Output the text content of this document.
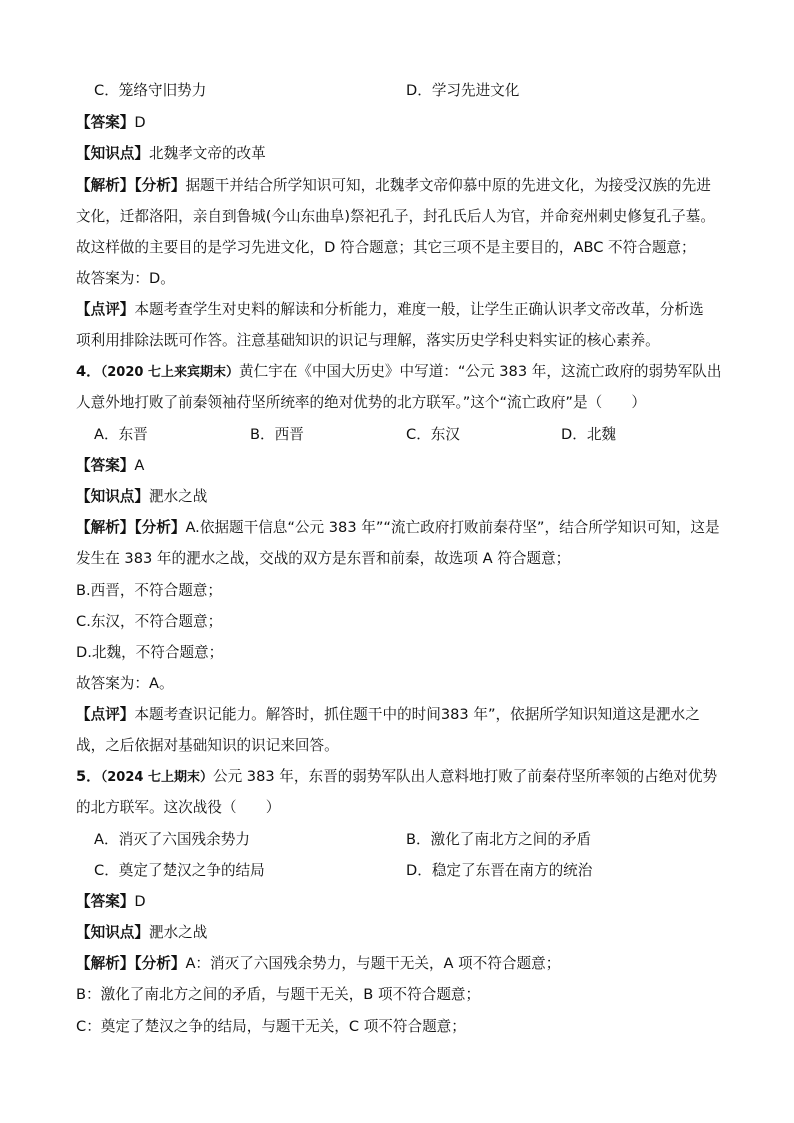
C．笼络守旧势力	D．学习先进文化
【答案】D
【知识点】北魏孝文帝的改革
【解析】【分析】据题干并结合所学知识可知，北魏孝文帝仰慕中原的先进文化，为接受汉族的先进
文化，迁都洛阳，亲自到鲁城(今山东曲阜)祭祀孔子，封孔氏后人为官，并命兖州刺史修复孔子墓。
故这样做的主要目的是学习先进文化，D 符合题意；其它三项不是主要目的，ABC 不符合题意；
故答案为：D。
【点评】本题考查学生对史料的解读和分析能力，难度一般，让学生正确认识孝文帝改革，分析选
项利用排除法既可作答。注意基础知识的识记与理解，落实历史学科史料实证的核心素养。
4．（2020 七上来宾期末）黄仁宇在《中国大历史》中写道：“公元 383 年，这流亡政府的弱势军队出
人意外地打败了前秦领袖苻坚所统率的绝对优势的北方联军。”这个“流亡政府”是（　　）
A．东晋	B．西晋	C．东汉	D．北魏
【答案】A
【知识点】淝水之战
【解析】【分析】A.依据题干信息“公元 383 年”“流亡政府打败前秦苻坚”，结合所学知识可知，这是
发生在 383 年的淝水之战，交战的双方是东晋和前秦，故选项 A 符合题意；
B.西晋，不符合题意；
C.东汉，不符合题意；
D.北魏，不符合题意；
故答案为：A。
【点评】本题考查识记能力。解答时，抓住题干中的时间383 年”，依据所学知识知道这是淝水之
战，之后依据对基础知识的识记来回答。
5．（2024 七上期末）公元 383 年，东晋的弱势军队出人意料地打败了前秦苻坚所率领的占绝对优势
的北方联军。这次战役（　　）
A．消灭了六国残余势力	B．激化了南北方之间的矛盾
C．奠定了楚汉之争的结局	D．稳定了东晋在南方的统治
【答案】D
【知识点】淝水之战
【解析】【分析】A：消灭了六国残余势力，与题干无关，A 项不符合题意；
B：激化了南北方之间的矛盾，与题干无关，B 项不符合题意；
C：奠定了楚汉之争的结局，与题干无关，C 项不符合题意；
